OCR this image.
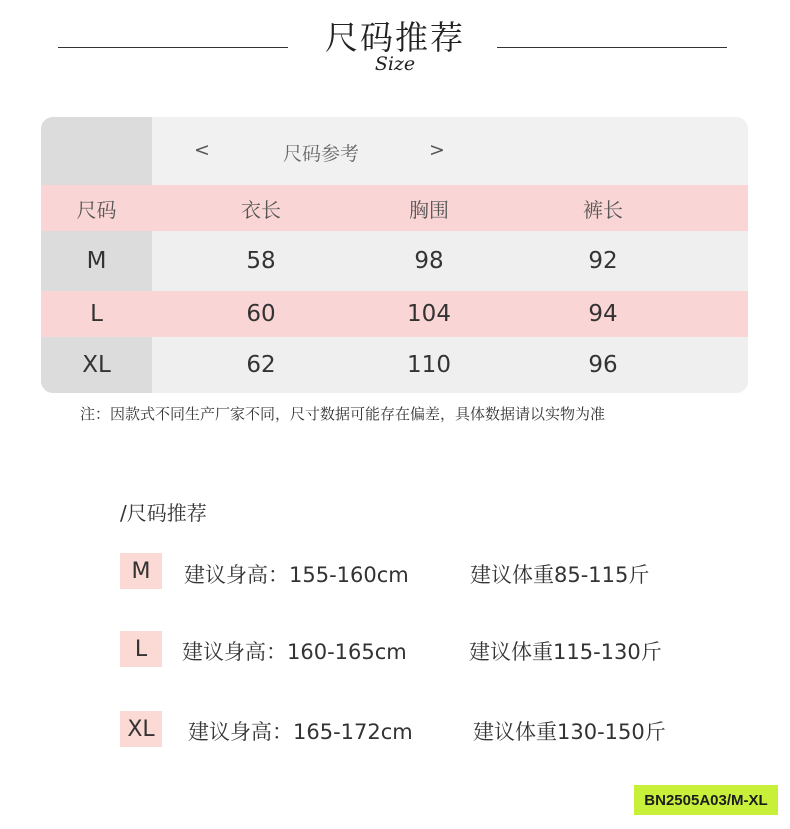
尺码推荐
Size
<	尺码参考	>
尺码	衣长	胸围	裤长
M	58	98	92
L	60	104	94
XL	62	110	96
注：因款式不同生产厂家不同，尺寸数据可能存在偏差，具体数据请以实物为准
/尺码推荐
M	建议身高：155-160cm	建议体重85-115斤
L	建议身高：160-165cm	建议体重115-130斤
XL	建议身高：165-172cm	建议体重130-150斤
BN2505A03/M-XL
